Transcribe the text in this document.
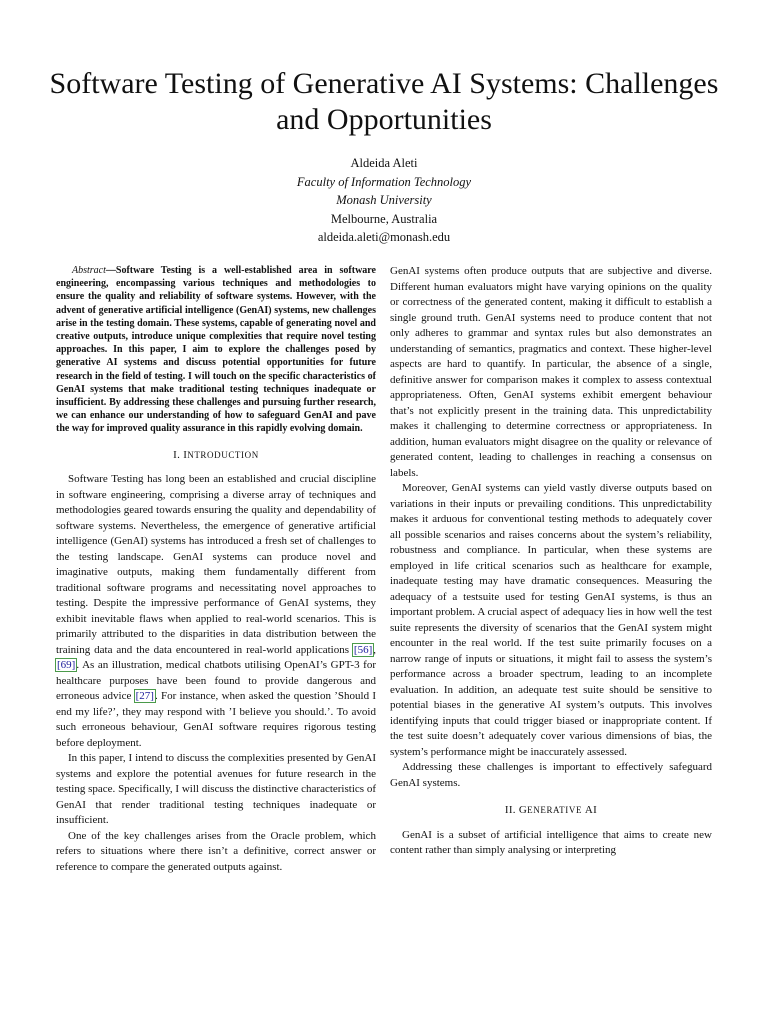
Software Testing of Generative AI Systems: Challenges and Opportunities
Aldeida Aleti
Faculty of Information Technology
Monash University
Melbourne, Australia
aldeida.aleti@monash.edu

Abstract—Software Testing is a well-established area in software engineering, encompassing various techniques and methodologies to ensure the quality and reliability of software systems. However, with the advent of generative artificial intelligence (GenAI) systems, new challenges arise in the testing domain. These systems, capable of generating novel and creative outputs, introduce unique complexities that require novel testing approaches. In this paper, I aim to explore the challenges posed by generative AI systems and discuss potential opportunities for future research in the field of testing. I will touch on the specific characteristics of GenAI systems that make traditional testing techniques inadequate or insufficient. By addressing these challenges and pursuing further research, we can enhance our understanding of how to safeguard GenAI and pave the way for improved quality assurance in this rapidly evolving domain.

I. INTRODUCTION

Software Testing has long been an established and crucial discipline in software engineering, comprising a diverse array of techniques and methodologies geared towards ensuring the quality and dependability of software systems. Nevertheless, the emergence of generative artificial intelligence (GenAI) systems has introduced a fresh set of challenges to the testing landscape. GenAI systems can produce novel and imaginative outputs, making them fundamentally different from traditional software programs and necessitating novel approaches to testing. Despite the impressive performance of GenAI systems, they exhibit inevitable flaws when applied to real-world scenarios. This is primarily attributed to the disparities in data distribution between the training data and the data encountered in real-world applications [56], [69]. As an illustration, medical chatbots utilising OpenAI’s GPT-3 for healthcare purposes have been found to provide dangerous and erroneous advice [27]. For instance, when asked the question ’Should I end my life?’, they may respond with ’I believe you should.’. To avoid such erroneous behaviour, GenAI software requires rigorous testing before deployment.

In this paper, I intend to discuss the complexities presented by GenAI systems and explore the potential avenues for future research in the testing space. Specifically, I will discuss the distinctive characteristics of GenAI that render traditional testing techniques inadequate or insufficient.

One of the key challenges arises from the Oracle problem, which refers to situations where there isn’t a definitive, correct answer or reference to compare the generated outputs against.

GenAI systems often produce outputs that are subjective and diverse. Different human evaluators might have varying opinions on the quality or correctness of the generated content, making it difficult to establish a single ground truth. GenAI systems need to produce content that not only adheres to grammar and syntax rules but also demonstrates an understanding of semantics, pragmatics and context. These higher-level aspects are hard to quantify. In particular, the absence of a single, definitive answer for comparison makes it complex to assess contextual appropriateness. Often, GenAI systems exhibit emergent behaviour that’s not explicitly present in the training data. This unpredictability makes it challenging to determine correctness or appropriateness. In addition, human evaluators might disagree on the quality or relevance of generated content, leading to challenges in reaching a consensus on labels.

Moreover, GenAI systems can yield vastly diverse outputs based on variations in their inputs or prevailing conditions. This unpredictability makes it arduous for conventional testing methods to adequately cover all possible scenarios and raises concerns about the system’s reliability, robustness and compliance. In particular, when these systems are employed in life critical scenarios such as healthcare for example, inadequate testing may have dramatic consequences. Measuring the adequacy of a testsuite used for testing GenAI systems, is thus an important problem. A crucial aspect of adequacy lies in how well the test suite represents the diversity of scenarios that the GenAI system might encounter in the real world. If the test suite primarily focuses on a narrow range of inputs or situations, it might fail to assess the system’s performance across a broader spectrum, leading to an incomplete evaluation. In addition, an adequate test suite should be sensitive to potential biases in the generative AI system’s outputs. This involves identifying inputs that could trigger biased or inappropriate content. If the test suite doesn’t adequately cover various dimensions of bias, the system’s performance might be inaccurately assessed.

Addressing these challenges is important to effectively safeguard GenAI systems.

II. GENERATIVE AI

GenAI is a subset of artificial intelligence that aims to create new content rather than simply analysing or interpreting
